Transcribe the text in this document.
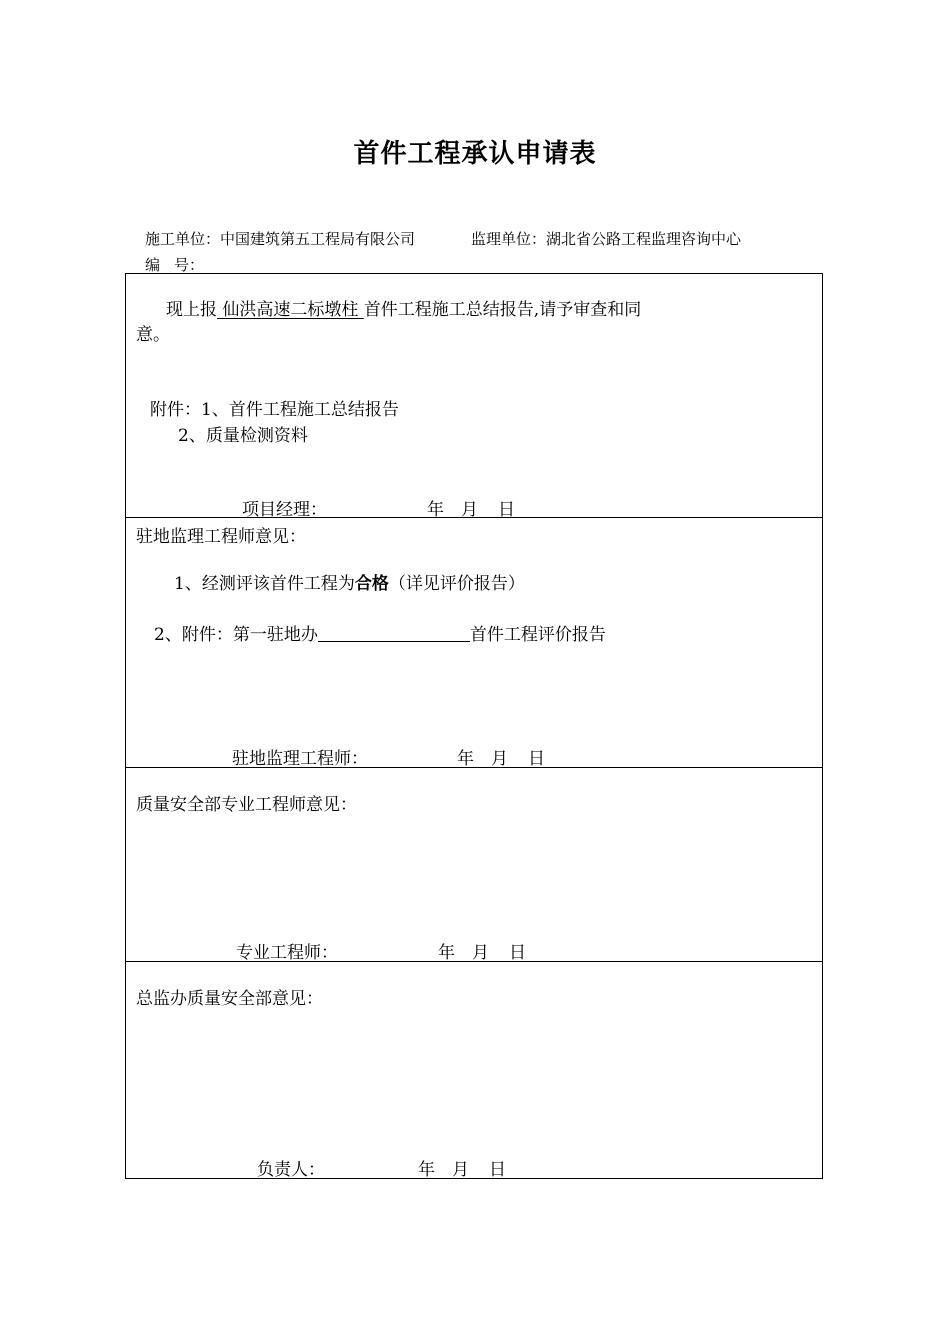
首件工程承认申请表
施工单位：中国建筑第五工程局有限公司	监理单位：湖北省公路工程监理咨询中心
编 号：
现上报 仙洪高速二标墩柱 首件工程施工总结报告,请予审查和同
意。
附件：1、首件工程施工总结报告
2、质量检测资料
项目经理：	年 月 日
驻地监理工程师意见：
1、经测评该首件工程为合格（详见评价报告）
2、附件：第一驻地办	首件工程评价报告
驻地监理工程师：	年 月 日
质量安全部专业工程师意见：
专业工程师：	年 月 日
总监办质量安全部意见：
负责人：	年 月 日
